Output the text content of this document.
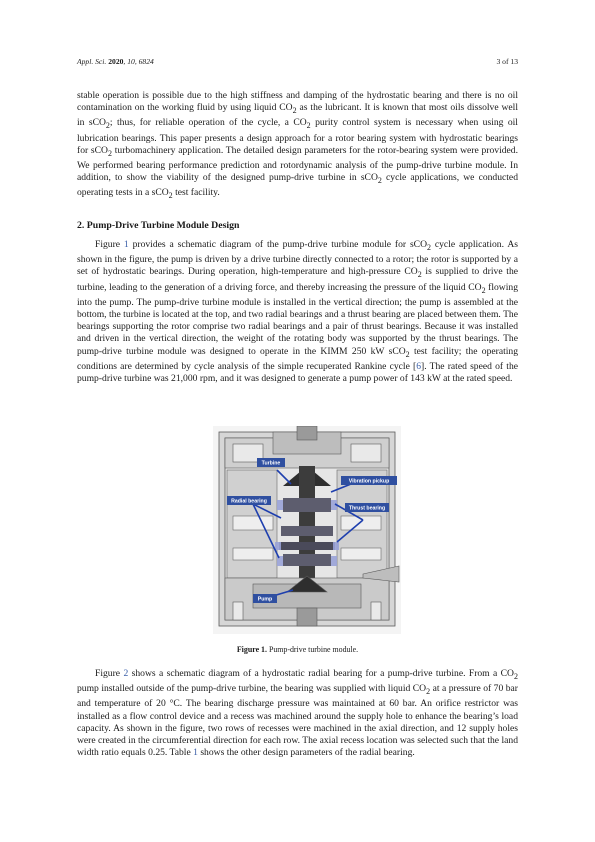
Appl. Sci. 2020, 10, 6824	3 of 13

stable operation is possible due to the high stiffness and damping of the hydrostatic bearing and there is no oil contamination on the working fluid by using liquid $CO_2$ as the lubricant. It is known that most oils dissolve well in sCO$_2$; thus, for reliable operation of the cycle, a $CO_2$ purity control system is necessary when using oil lubrication bearings. This paper presents a design approach for a rotor bearing system with hydrostatic bearings for sCO$_2$ turbomachinery application. The detailed design parameters for the rotor-bearing system were provided. We performed bearing performance prediction and rotordynamic analysis of the pump-drive turbine module. In addition, to show the viability of the designed pump-drive turbine in sCO$_2$ cycle applications, we conducted operating tests in a sCO$_2$ test facility.

2. Pump-Drive Turbine Module Design

Figure 1 provides a schematic diagram of the pump-drive turbine module for sCO$_2$ cycle application. As shown in the figure, the pump is driven by a drive turbine directly connected to a rotor; the rotor is supported by a set of hydrostatic bearings. During operation, high-temperature and high-pressure $CO_2$ is supplied to drive the turbine, leading to the generation of a driving force, and thereby increasing the pressure of the liquid $CO_2$ flowing into the pump. The pump-drive turbine module is installed in the vertical direction; the pump is assembled at the bottom, the turbine is located at the top, and two radial bearings and a thrust bearing are placed between them. The bearings supporting the rotor comprise two radial bearings and a pair of thrust bearings. Because it was installed and driven in the vertical direction, the weight of the rotating body was supported by the thrust bearings. The pump-drive turbine module was designed to operate in the KIMM 250 kW sCO$_2$ test facility; the operating conditions are determined by cycle analysis of the simple recuperated Rankine cycle [6]. The rated speed of the pump-drive turbine was 21,000 rpm, and it was designed to generate a pump power of 143 kW at the rated speed.

Turbine
Vibration pickup
Radial bearing
Thrust bearing
Pump
Figure 1. Pump-drive turbine module.

Figure 2 shows a schematic diagram of a hydrostatic radial bearing for a pump-drive turbine. From a $CO_2$ pump installed outside of the pump-drive turbine, the bearing was supplied with liquid $CO_2$ at a pressure of 70 bar and temperature of 20 °C. The bearing discharge pressure was maintained at 60 bar. An orifice restrictor was installed as a flow control device and a recess was machined around the supply hole to enhance the bearing’s load capacity. As shown in the figure, two rows of recesses were machined in the axial direction, and 12 supply holes were created in the circumferential direction for each row. The axial recess location was selected such that the land width ratio equals 0.25. Table 1 shows the other design parameters of the radial bearing.
